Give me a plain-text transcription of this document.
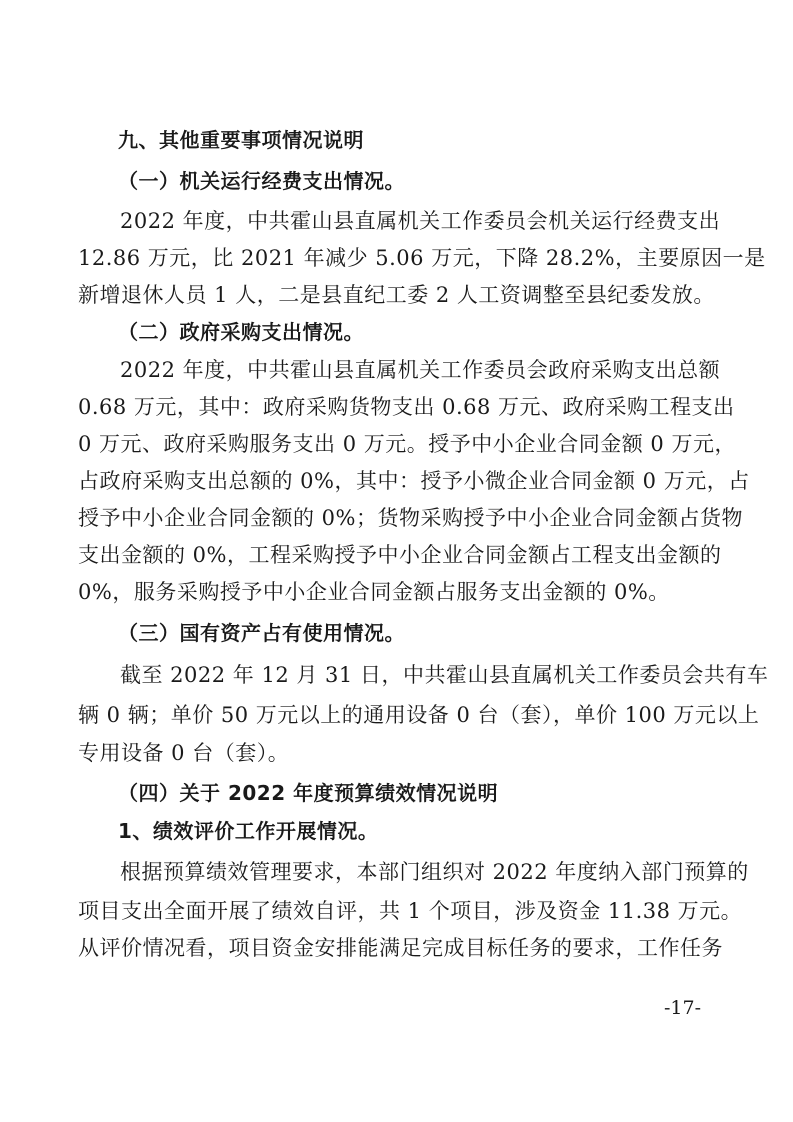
九、其他重要事项情况说明
（一）机关运行经费支出情况。
2022 年度，中共霍山县直属机关工作委员会机关运行经费支出
12.86 万元，比 2021 年减少 5.06 万元，下降 28.2%，主要原因一是
新增退休人员 1 人，二是县直纪工委 2 人工资调整至县纪委发放。
（二）政府采购支出情况。
2022 年度，中共霍山县直属机关工作委员会政府采购支出总额
0.68 万元，其中：政府采购货物支出 0.68 万元、政府采购工程支出
0 万元、政府采购服务支出 0 万元。授予中小企业合同金额 0 万元，
占政府采购支出总额的 0%，其中：授予小微企业合同金额 0 万元，占
授予中小企业合同金额的 0%；货物采购授予中小企业合同金额占货物
支出金额的 0%，工程采购授予中小企业合同金额占工程支出金额的
0%，服务采购授予中小企业合同金额占服务支出金额的 0%。
（三）国有资产占有使用情况。
截至 2022 年 12 月 31 日，中共霍山县直属机关工作委员会共有车
辆 0 辆；单价 50 万元以上的通用设备 0 台（套），单价 100 万元以上
专用设备 0 台（套）。
（四）关于 2022 年度预算绩效情况说明
1、绩效评价工作开展情况。
根据预算绩效管理要求，本部门组织对 2022 年度纳入部门预算的
项目支出全面开展了绩效自评，共 1 个项目，涉及资金 11.38 万元。
从评价情况看，项目资金安排能满足完成目标任务的要求，工作任务
-17-
